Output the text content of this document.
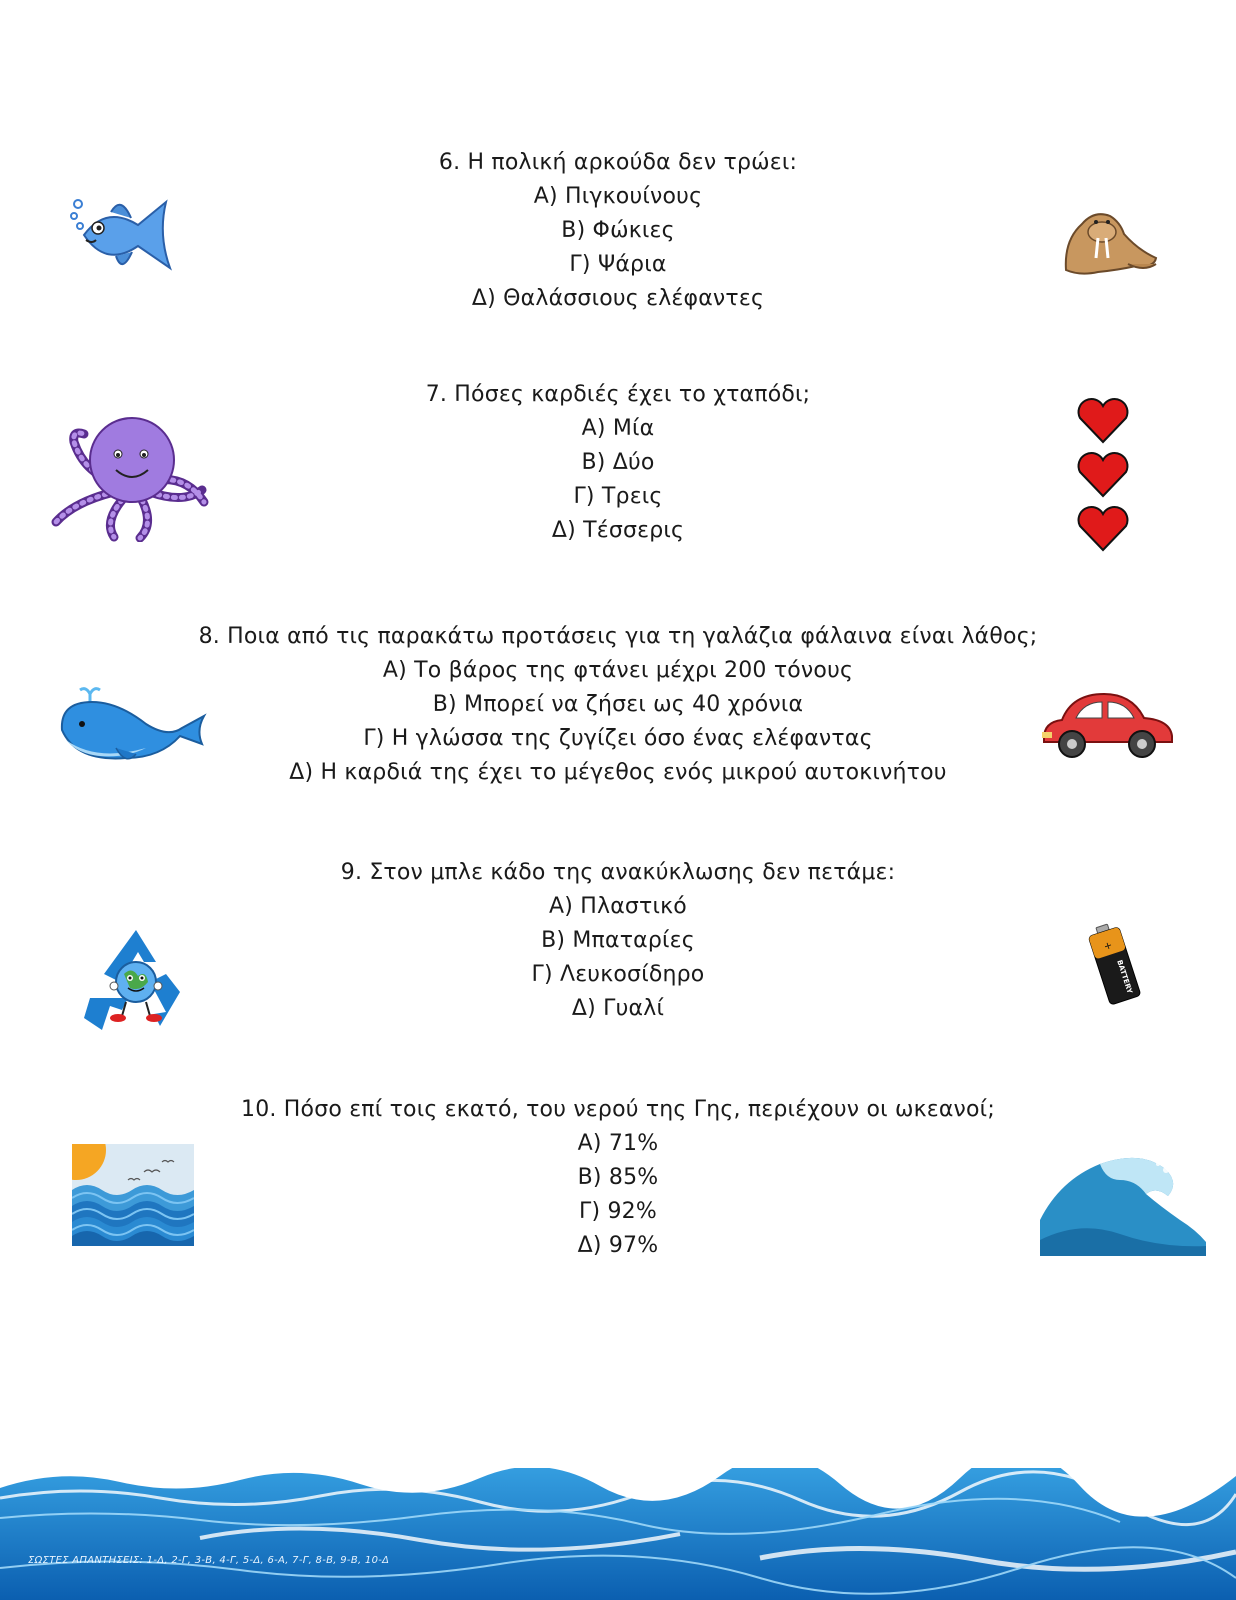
6. Η πολική αρκούδα δεν τρώει:
Α) Πιγκουίνους
Β) Φώκιες
Γ) Ψάρια
Δ) Θαλάσσιους ελέφαντες
7. Πόσες καρδιές έχει το χταπόδι;
Α) Μία
Β) Δύο
Γ) Τρεις
Δ) Τέσσερις
8. Ποια από τις παρακάτω προτάσεις για τη γαλάζια φάλαινα είναι λάθος;
Α) Το βάρος της φτάνει μέχρι 200 τόνους
Β) Μπορεί να ζήσει ως 40 χρόνια
Γ) Η γλώσσα της ζυγίζει όσο ένας ελέφαντας
Δ) Η καρδιά της έχει το μέγεθος ενός μικρού αυτοκινήτου
9. Στον μπλε κάδο της ανακύκλωσης δεν πετάμε:
Α) Πλαστικό
Β) Μπαταρίες
Γ) Λευκοσίδηρο
Δ) Γυαλί
10. Πόσο επί τοις εκατό, του νερού της Γης, περιέχουν οι ωκεανοί;
Α) 71%
Β) 85%
Γ) 92%
Δ) 97%
+
BATTERY
ΣΩΣΤΕΣ ΑΠΑΝΤΗΣΕΙΣ: 1-Δ, 2-Γ, 3-Β, 4-Γ, 5-Δ, 6-Α, 7-Γ, 8-Β, 9-Β, 10-Δ
